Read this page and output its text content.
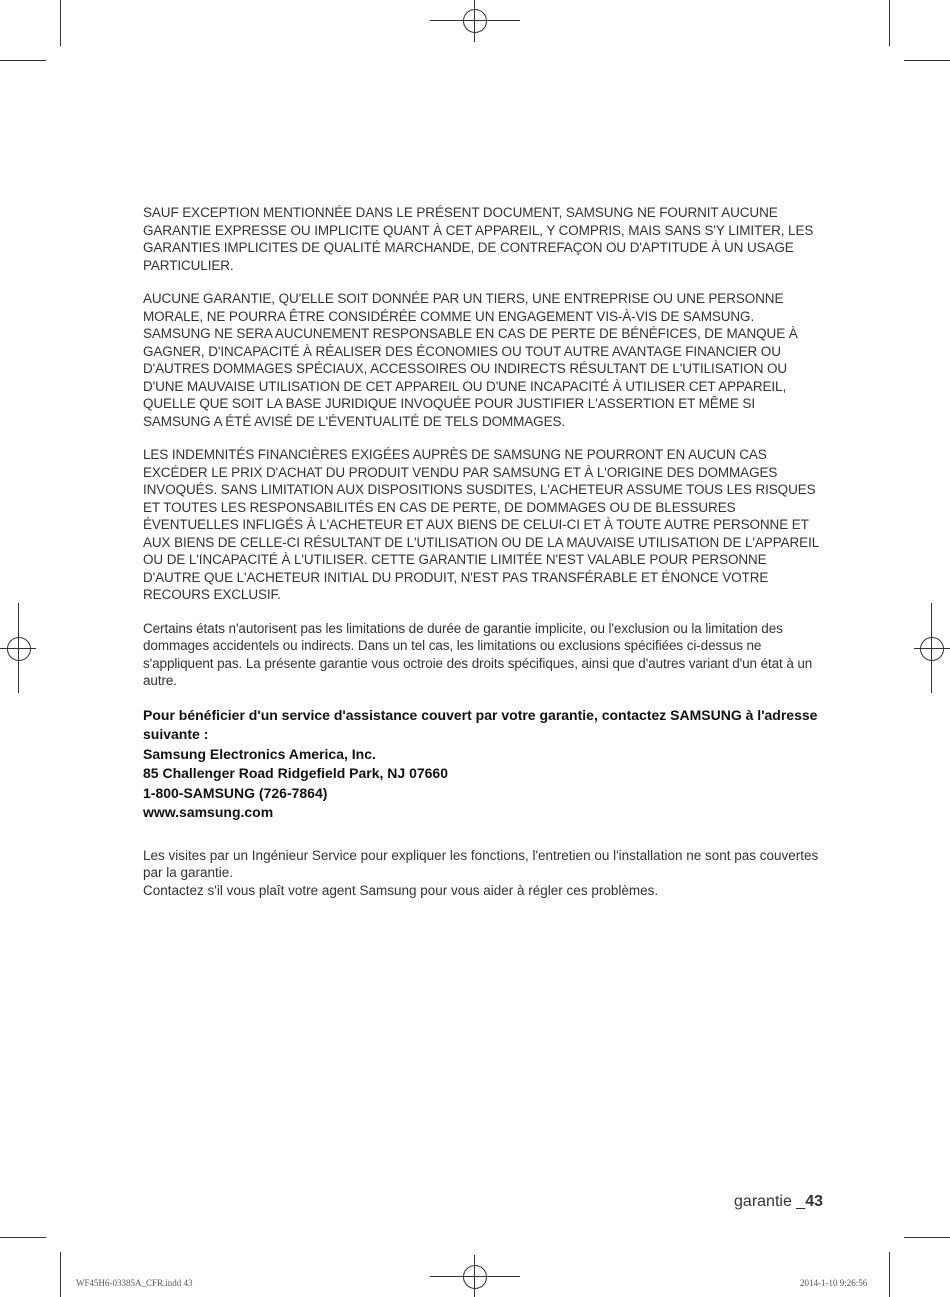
SAUF EXCEPTION MENTIONNÉE DANS LE PRÉSENT DOCUMENT, SAMSUNG NE FOURNIT AUCUNE GARANTIE EXPRESSE OU IMPLICITE QUANT À CET APPAREIL, Y COMPRIS, MAIS SANS S'Y LIMITER, LES GARANTIES IMPLICITES DE QUALITÉ MARCHANDE, DE CONTREFAÇON OU D'APTITUDE À UN USAGE PARTICULIER.

AUCUNE GARANTIE, QU'ELLE SOIT DONNÉE PAR UN TIERS, UNE ENTREPRISE OU UNE PERSONNE MORALE, NE POURRA ÊTRE CONSIDÉRÉE COMME UN ENGAGEMENT VIS-À-VIS DE SAMSUNG. SAMSUNG NE SERA AUCUNEMENT RESPONSABLE EN CAS DE PERTE DE BÉNÉFICES, DE MANQUE À GAGNER, D'INCAPACITÉ À RÉALISER DES ÉCONOMIES OU TOUT AUTRE AVANTAGE FINANCIER OU D'AUTRES DOMMAGES SPÉCIAUX, ACCESSOIRES OU INDIRECTS RÉSULTANT DE L'UTILISATION OU D'UNE MAUVAISE UTILISATION DE CET APPAREIL OU D'UNE INCAPACITÉ À UTILISER CET APPAREIL, QUELLE QUE SOIT LA BASE JURIDIQUE INVOQUÉE POUR JUSTIFIER L'ASSERTION ET MÊME SI SAMSUNG A ÉTÉ AVISÉ DE L'ÉVENTUALITÉ DE TELS DOMMAGES.

LES INDEMNITÉS FINANCIÈRES EXIGÉES AUPRÈS DE SAMSUNG NE POURRONT EN AUCUN CAS EXCÉDER LE PRIX D'ACHAT DU PRODUIT VENDU PAR SAMSUNG ET À L'ORIGINE DES DOMMAGES INVOQUÉS. SANS LIMITATION AUX DISPOSITIONS SUSDITES, L'ACHETEUR ASSUME TOUS LES RISQUES ET TOUTES LES RESPONSABILITÉS EN CAS DE PERTE, DE DOMMAGES OU DE BLESSURES ÉVENTUELLES INFLIGÉS À L'ACHETEUR ET AUX BIENS DE CELUI-CI ET À TOUTE AUTRE PERSONNE ET AUX BIENS DE CELLE-CI RÉSULTANT DE L'UTILISATION OU DE LA MAUVAISE UTILISATION DE L'APPAREIL OU DE L'INCAPACITÉ À L'UTILISER. CETTE GARANTIE LIMITÉE N'EST VALABLE POUR PERSONNE D'AUTRE QUE L'ACHETEUR INITIAL DU PRODUIT, N'EST PAS TRANSFÉRABLE ET ÉNONCE VOTRE RECOURS EXCLUSIF.

Certains états n'autorisent pas les limitations de durée de garantie implicite, ou l'exclusion ou la limitation des dommages accidentels ou indirects. Dans un tel cas, les limitations ou exclusions spécifiées ci-dessus ne s'appliquent pas. La présente garantie vous octroie des droits spécifiques, ainsi que d'autres variant d'un état à un autre.

Pour bénéficier d'un service d'assistance couvert par votre garantie, contactez SAMSUNG à l'adresse suivante :

Samsung Electronics America, Inc.

85 Challenger Road Ridgefield Park, NJ 07660

1-800-SAMSUNG (726-7864)

www.samsung.com

Les visites par un Ingénieur Service pour expliquer les fonctions, l'entretien ou l'installation ne sont pas couvertes par la garantie.

Contactez s'il vous plaît votre agent Samsung pour vous aider à régler ces problèmes.

garantie _43
WF45H6-03385A_CFR.indd 43	2014-1-10 9:26:56
